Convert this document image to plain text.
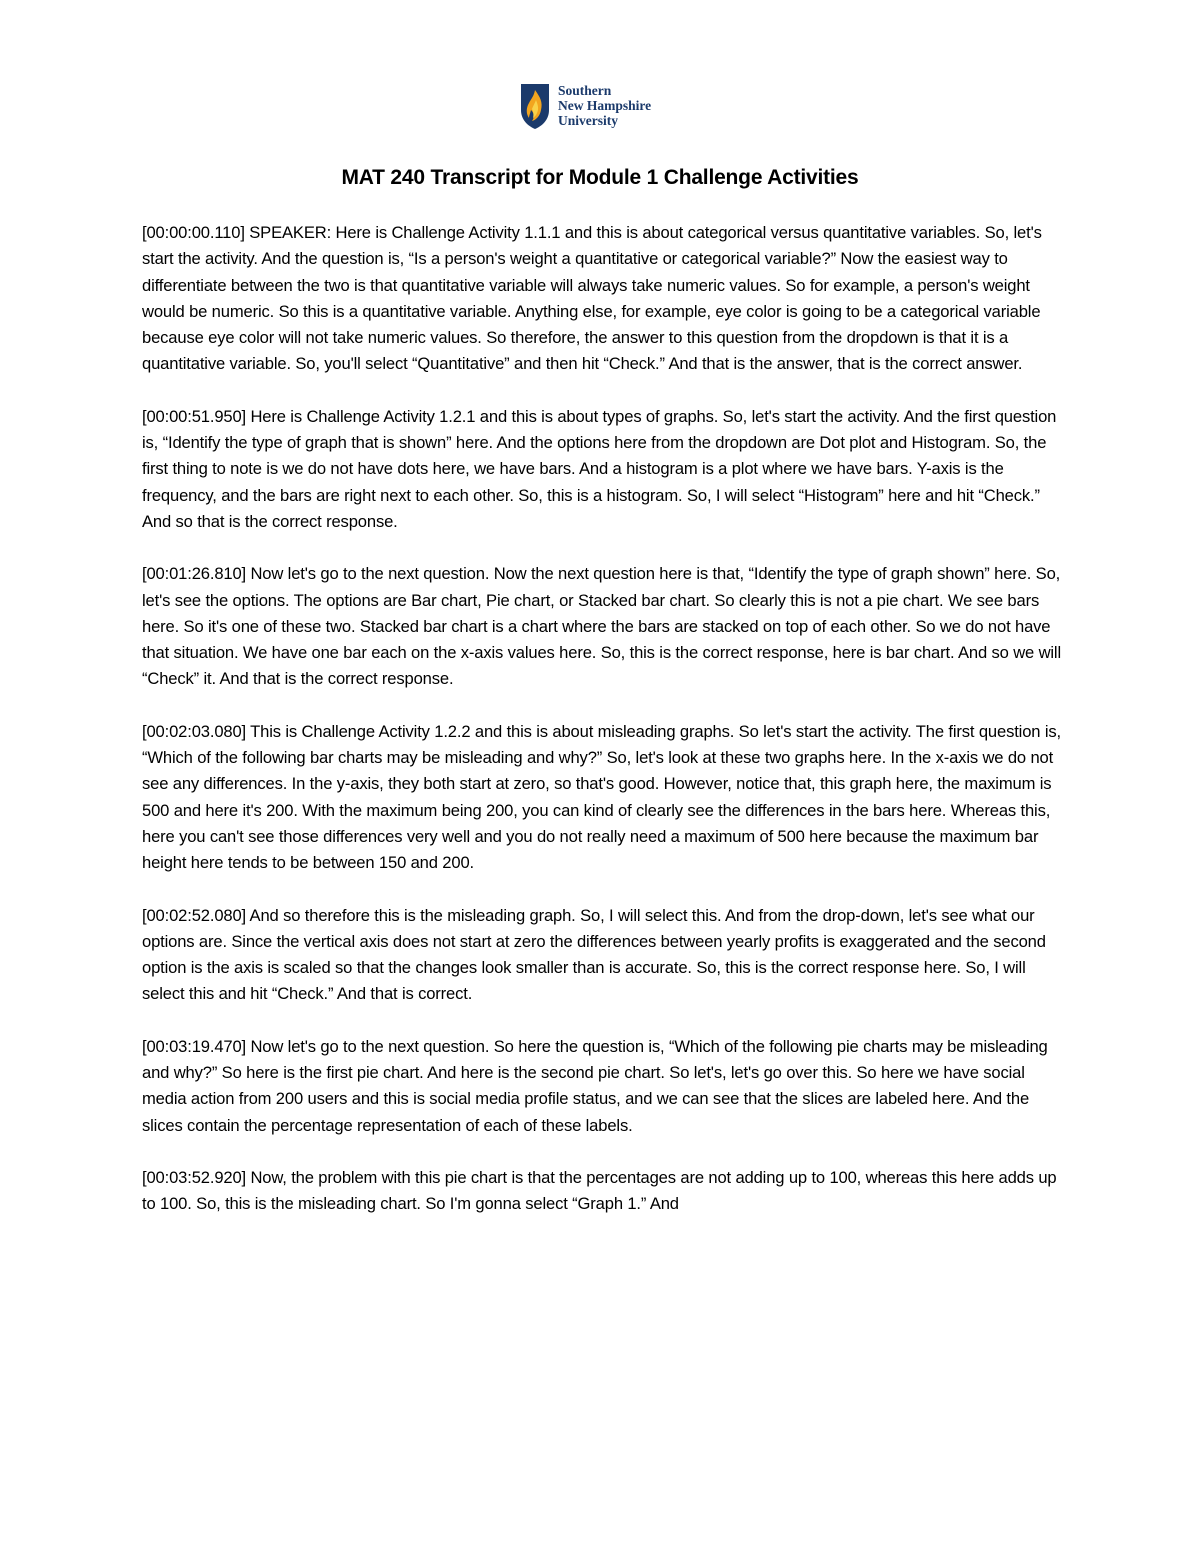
Southern
New Hampshire
University
MAT 240 Transcript for Module 1 Challenge Activities

[00:00:00.110] SPEAKER: Here is Challenge Activity 1.1.1 and this is about categorical versus quantitative variables. So, let's start the activity. And the question is, “Is a person's weight a quantitative or categorical variable?” Now the easiest way to differentiate between the two is that quantitative variable will always take numeric values. So for example, a person's weight would be numeric. So this is a quantitative variable. Anything else, for example, eye color is going to be a categorical variable because eye color will not take numeric values. So therefore, the answer to this question from the dropdown is that it is a quantitative variable. So, you'll select “Quantitative” and then hit “Check.” And that is the answer, that is the correct answer.

[00:00:51.950] Here is Challenge Activity 1.2.1 and this is about types of graphs. So, let's start the activity. And the first question is, “Identify the type of graph that is shown” here. And the options here from the dropdown are Dot plot and Histogram. So, the first thing to note is we do not have dots here, we have bars. And a histogram is a plot where we have bars. Y-axis is the frequency, and the bars are right next to each other. So, this is a histogram. So, I will select “Histogram” here and hit “Check.” And so that is the correct response.

[00:01:26.810] Now let's go to the next question. Now the next question here is that, “Identify the type of graph shown” here. So, let's see the options. The options are Bar chart, Pie chart, or Stacked bar chart. So clearly this is not a pie chart. We see bars here. So it's one of these two. Stacked bar chart is a chart where the bars are stacked on top of each other. So we do not have that situation. We have one bar each on the x-axis values here. So, this is the correct response, here is bar chart. And so we will “Check” it. And that is the correct response.

[00:02:03.080] This is Challenge Activity 1.2.2 and this is about misleading graphs. So let's start the activity. The first question is, “Which of the following bar charts may be misleading and why?” So, let's look at these two graphs here. In the x-axis we do not see any differences. In the y-axis, they both start at zero, so that's good. However, notice that, this graph here, the maximum is 500 and here it's 200. With the maximum being 200, you can kind of clearly see the differences in the bars here. Whereas this, here you can't see those differences very well and you do not really need a maximum of 500 here because the maximum bar height here tends to be between 150 and 200.

[00:02:52.080] And so therefore this is the misleading graph. So, I will select this. And from the drop-down, let's see what our options are. Since the vertical axis does not start at zero the differences between yearly profits is exaggerated and the second option is the axis is scaled so that the changes look smaller than is accurate. So, this is the correct response here. So, I will select this and hit “Check.” And that is correct.

[00:03:19.470] Now let's go to the next question. So here the question is, “Which of the following pie charts may be misleading and why?” So here is the first pie chart. And here is the second pie chart. So let's, let's go over this. So here we have social media action from 200 users and this is social media profile status, and we can see that the slices are labeled here. And the slices contain the percentage representation of each of these labels.

[00:03:52.920] Now, the problem with this pie chart is that the percentages are not adding up to 100, whereas this here adds up to 100. So, this is the misleading chart. So I'm gonna select “Graph 1.” And
